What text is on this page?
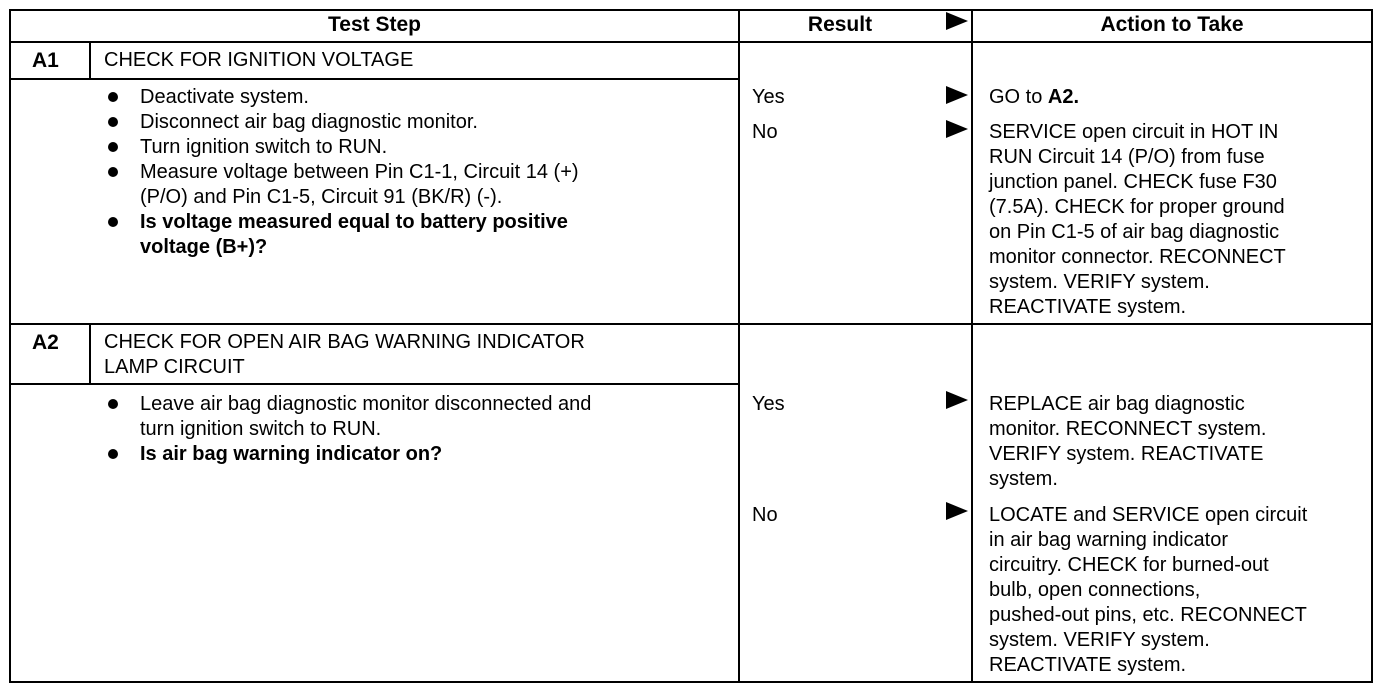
Test Step	Result	Action to Take
A1 CHECK FOR IGNITION VOLTAGE
Deactivate system.
Disconnect air bag diagnostic monitor.
Turn ignition switch to RUN.
Measure voltage between Pin C1-1, Circuit 14 (+)
(P/O) and Pin C1-5, Circuit 91 (BK/R) (-).
Is voltage measured equal to battery positive
voltage (B+)?
Yes	GO to A2.
No	SERVICE open circuit in HOT IN
RUN Circuit 14 (P/O) from fuse
junction panel. CHECK fuse F30
(7.5A). CHECK for proper ground
on Pin C1-5 of air bag diagnostic
monitor connector. RECONNECT
system. VERIFY system.
REACTIVATE system.
A2 CHECK FOR OPEN AIR BAG WARNING INDICATOR
LAMP CIRCUIT
Leave air bag diagnostic monitor disconnected and
turn ignition switch to RUN.
Is air bag warning indicator on?
Yes	REPLACE air bag diagnostic
monitor. RECONNECT system.
VERIFY system. REACTIVATE
system.
No	LOCATE and SERVICE open circuit
in air bag warning indicator
circuitry. CHECK for burned-out
bulb, open connections,
pushed-out pins, etc. RECONNECT
system. VERIFY system.
REACTIVATE system.
